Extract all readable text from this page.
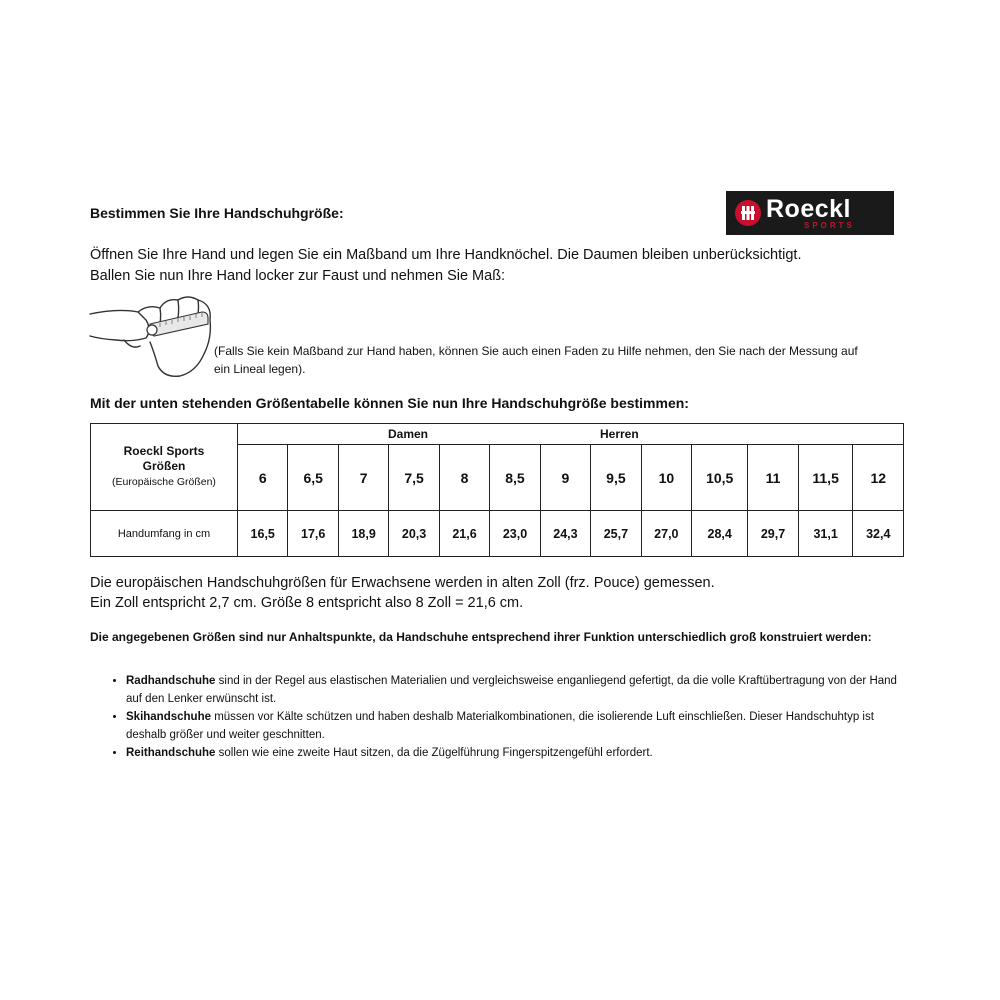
Bestimmen Sie Ihre Handschuhgröße:	Roeckl
SPORTS
Öffnen Sie Ihre Hand und legen Sie ein Maßband um Ihre Handknöchel. Die Daumen bleiben unberücksichtigt.
Ballen Sie nun Ihre Hand locker zur Faust und nehmen Sie Maß:
(Falls Sie kein Maßband zur Hand haben, können Sie auch einen Faden zu Hilfe nehmen, den Sie nach der Messung auf ein Lineal legen).
Mit der unten stehenden Größentabelle können Sie nun Ihre Handschuhgröße bestimmen:
Roeckl Sports
Größen
(Europäische Größen)	Damen Herren												

	6	6,5	7	7,5	8	8,5	9	9,5	10	10,5	11	11,5	12
Handumfang in cm	16,5	17,6	18,9	20,3	21,6	23,0	24,3	25,7	27,0	28,4	29,7	31,1	32,4
Die europäischen Handschuhgrößen für Erwachsene werden in alten Zoll (frz. Pouce) gemessen.
Ein Zoll entspricht 2,7 cm. Größe 8 entspricht also 8 Zoll = 21,6 cm.
Die angegebenen Größen sind nur Anhaltspunkte, da Handschuhe entsprechend ihrer Funktion unterschiedlich groß konstruiert werden:
• Radhandschuhe sind in der Regel aus elastischen Materialien und vergleichsweise enganliegend gefertigt, da die volle Kraftübertragung von der Hand auf den Lenker erwünscht ist.
• Skihandschuhe müssen vor Kälte schützen und haben deshalb Materialkombinationen, die isolierende Luft einschließen. Dieser Handschuhtyp ist deshalb größer und weiter geschnitten.
• Reithandschuhe sollen wie eine zweite Haut sitzen, da die Zügelführung Fingerspitzengefühl erfordert.
